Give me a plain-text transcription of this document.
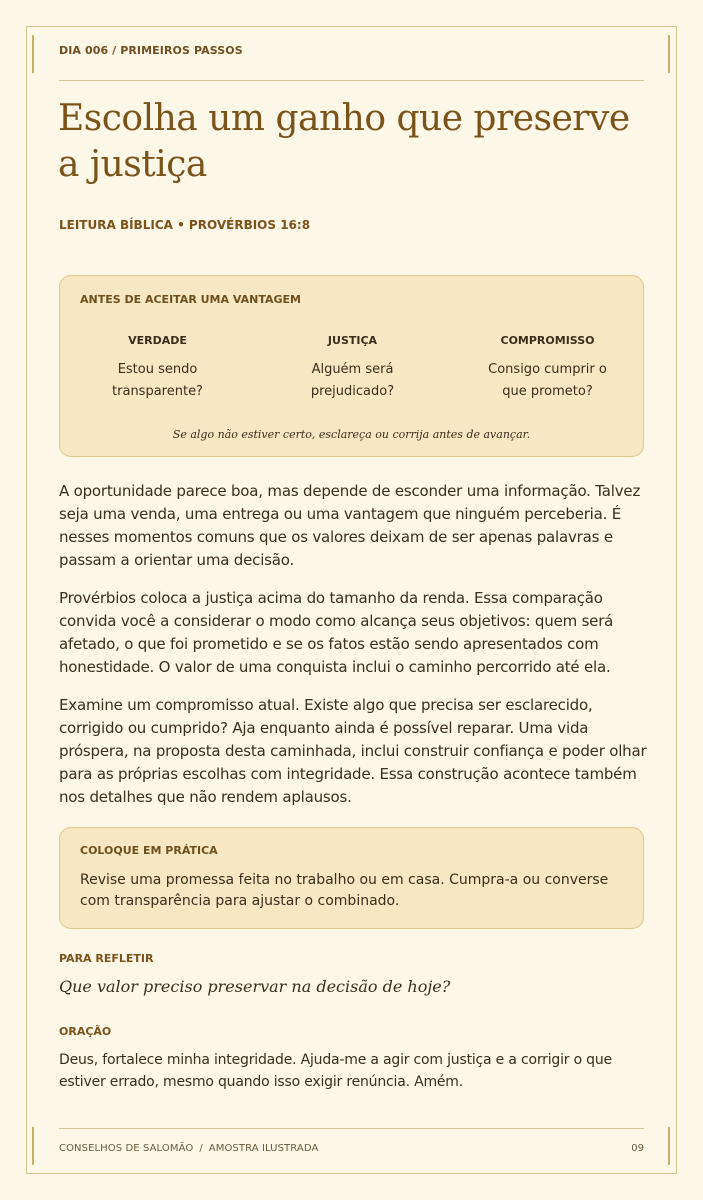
DIA 006 / PRIMEIROS PASSOS
Escolha um ganho que preserve a justiça
LEITURA BÍBLICA • PROVÉRBIOS 16:8
ANTES DE ACEITAR UMA VANTAGEM
VERDADE
Estou sendo transparente?
JUSTIÇA
Alguém será prejudicado?
COMPROMISSO
Consigo cumprir o que prometo?
Se algo não estiver certo, esclareça ou corrija antes de avançar.

A oportunidade parece boa, mas depende de esconder uma informação. Talvez seja uma venda, uma entrega ou uma vantagem que ninguém perceberia. É nesses momentos comuns que os valores deixam de ser apenas palavras e passam a orientar uma decisão.

Provérbios coloca a justiça acima do tamanho da renda. Essa comparação convida você a considerar o modo como alcança seus objetivos: quem será afetado, o que foi prometido e se os fatos estão sendo apresentados com honestidade. O valor de uma conquista inclui o caminho percorrido até ela.

Examine um compromisso atual. Existe algo que precisa ser esclarecido, corrigido ou cumprido? Aja enquanto ainda é possível reparar. Uma vida próspera, na proposta desta caminhada, inclui construir confiança e poder olhar para as próprias escolhas com integridade. Essa construção acontece também nos detalhes que não rendem aplausos.

COLOQUE EM PRÁTICA
Revise uma promessa feita no trabalho ou em casa. Cumpra-a ou converse com transparência para ajustar o combinado.
PARA REFLETIR
Que valor preciso preservar na decisão de hoje?
ORAÇÃO
Deus, fortalece minha integridade. Ajuda-me a agir com justiça e a corrigir o que estiver errado, mesmo quando isso exigir renúncia. Amém.
CONSELHOS DE SALOMÃO / AMOSTRA ILUSTRADA	09
